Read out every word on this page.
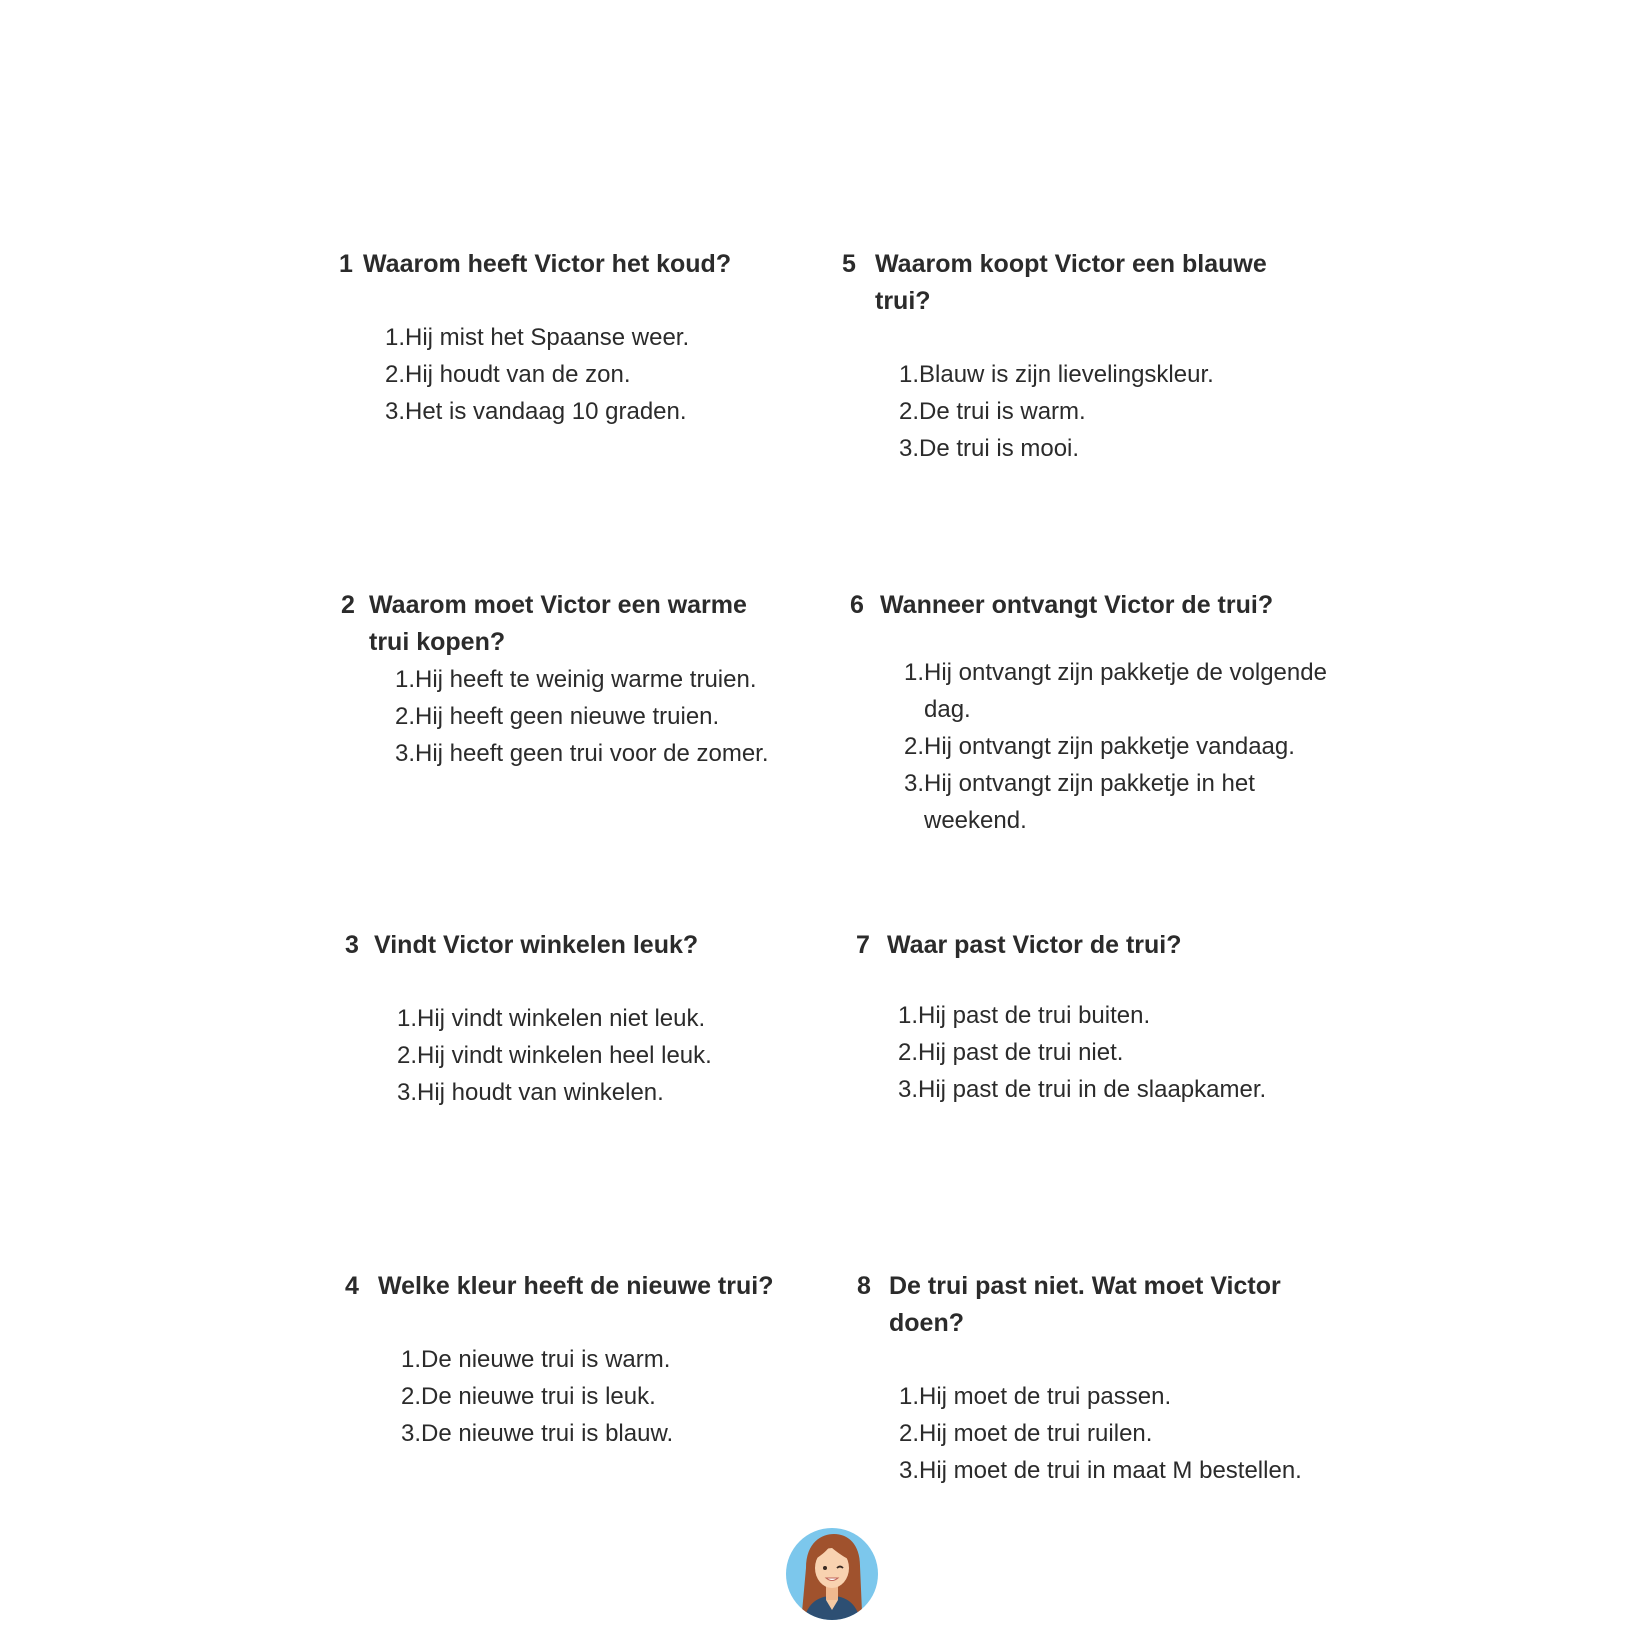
1 Waarom heeft Victor het koud?
1. Hij mist het Spaanse weer.
2. Hij houdt van de zon.
3. Het is vandaag 10 graden.
2 Waarom moet Victor een warme trui kopen?
1. Hij heeft te weinig warme truien.
2. Hij heeft geen nieuwe truien.
3. Hij heeft geen trui voor de zomer.
3 Vindt Victor winkelen leuk?
1. Hij vindt winkelen niet leuk.
2. Hij vindt winkelen heel leuk.
3. Hij houdt van winkelen.
4 Welke kleur heeft de nieuwe trui?
1. De nieuwe trui is warm.
2. De nieuwe trui is leuk.
3. De nieuwe trui is blauw.
5 Waarom koopt Victor een blauwe trui?
1. Blauw is zijn lievelingskleur.
2. De trui is warm.
3. De trui is mooi.
6 Wanneer ontvangt Victor de trui?
1. Hij ontvangt zijn pakketje de volgende dag.
2. Hij ontvangt zijn pakketje vandaag.
3. Hij ontvangt zijn pakketje in het weekend.
7 Waar past Victor de trui?
1. Hij past de trui buiten.
2. Hij past de trui niet.
3. Hij past de trui in de slaapkamer.
8 De trui past niet. Wat moet Victor doen?
1. Hij moet de trui passen.
2. Hij moet de trui ruilen.
3. Hij moet de trui in maat M bestellen.
